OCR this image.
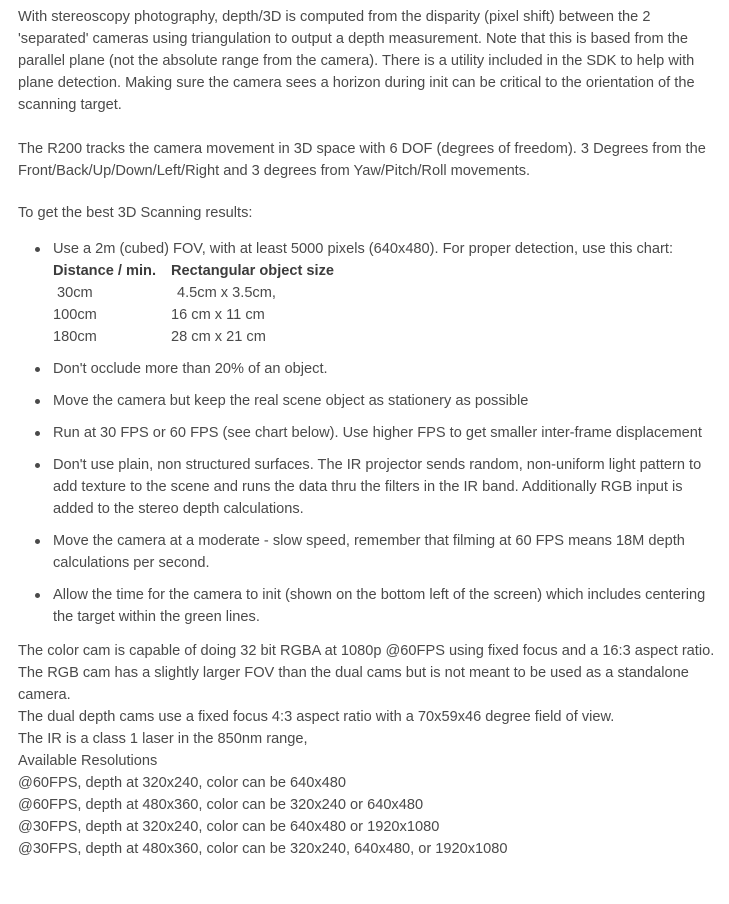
With stereoscopy photography, depth/3D is computed from the disparity (pixel shift) between the 2 'separated' cameras using triangulation to output a depth measurement. Note that this is based from the parallel plane (not the absolute range from the camera). There is a utility included in the SDK to help with plane detection. Making sure the camera sees a horizon during init can be critical to the orientation of the scanning target.

The R200 tracks the camera movement in 3D space with 6 DOF (degrees of freedom). 3 Degrees from the Front/Back/Up/Down/Left/Right and 3 degrees from Yaw/Pitch/Roll movements.

To get the best 3D Scanning results:

Use a 2m (cubed) FOV, with at least 5000 pixels (640x480). For proper detection, use this chart:
Distance / min.	Rectangular object size
30cm	4.5cm x 3.5cm,
100cm	16 cm x 11 cm
180cm	28 cm x 21 cm
Don't occlude more than 20% of an object.
Move the camera but keep the real scene object as stationery as possible
Run at 30 FPS or 60 FPS (see chart below). Use higher FPS to get smaller inter-frame displacement
Don't use plain, non structured surfaces. The IR projector sends random, non-uniform light pattern to add texture to the scene and runs the data thru the filters in the IR band. Additionally RGB input is added to the stereo depth calculations.
Move the camera at a moderate - slow speed, remember that filming at 60 FPS means 18M depth calculations per second.
Allow the time for the camera to init (shown on the bottom left of the screen) which includes centering the target within the green lines.

The color cam is capable of doing 32 bit RGBA at 1080p @60FPS using fixed focus and a 16:3 aspect ratio. The RGB cam has a slightly larger FOV than the dual cams but is not meant to be used as a standalone camera.

The dual depth cams use a fixed focus 4:3 aspect ratio with a 70x59x46 degree field of view.

The IR is a class 1 laser in the 850nm range,

Available Resolutions

@60FPS, depth at 320x240, color can be 640x480

@60FPS, depth at 480x360, color can be 320x240 or 640x480

@30FPS, depth at 320x240, color can be 640x480 or 1920x1080

@30FPS, depth at 480x360, color can be 320x240, 640x480, or 1920x1080
